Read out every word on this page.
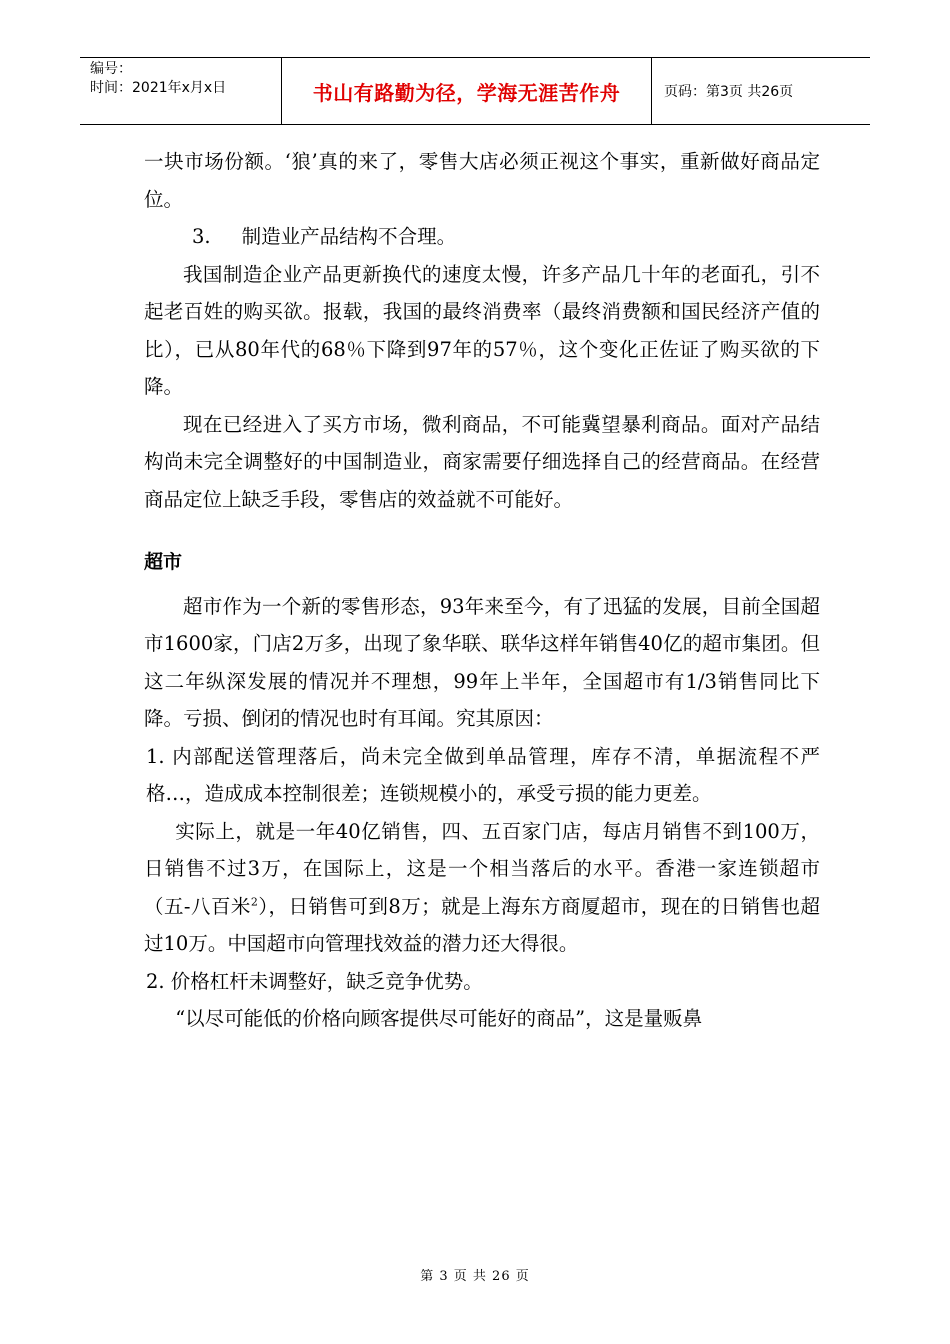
编号：
时间：2021年x月x日	书山有路勤为径，学海无涯苦作舟	页码：第3页 共26页

一块市场份额。‘狼’真的来了，零售大店必须正视这个事实，重新做好商品定位。

3.     制造业产品结构不合理。

我国制造企业产品更新换代的速度太慢，许多产品几十年的老面孔，引不起老百姓的购买欲。报载，我国的最终消费率（最终消费额和国民经济产值的比），已从80年代的68％下降到97年的57％，这个变化正佐证了购买欲的下降。

现在已经进入了买方市场，微利商品，不可能冀望暴利商品。面对产品结构尚未完全调整好的中国制造业，商家需要仔细选择自己的经营商品。在经营商品定位上缺乏手段，零售店的效益就不可能好。

超市

超市作为一个新的零售形态，93年来至今，有了迅猛的发展，目前全国超市1600家，门店2万多，出现了象华联、联华这样年销售40亿的超市集团。但这二年纵深发展的情况并不理想，99年上半年，全国超市有1/3销售同比下降。亏损、倒闭的情况也时有耳闻。究其原因：

1. 内部配送管理落后，尚未完全做到单品管理，库存不清，单据流程不严格…，造成成本控制很差；连锁规模小的，承受亏损的能力更差。

实际上，就是一年40亿销售，四、五百家门店，每店月销售不到100万，日销售不过3万，在国际上，这是一个相当落后的水平。香港一家连锁超市（五-八百米$^2$），日销售可到8万；就是上海东方商厦超市，现在的日销售也超过10万。中国超市向管理找效益的潜力还大得很。

2. 价格杠杆未调整好，缺乏竞争优势。

“以尽可能低的价格向顾客提供尽可能好的商品”，这是量贩鼻

第 3 页 共 26 页
